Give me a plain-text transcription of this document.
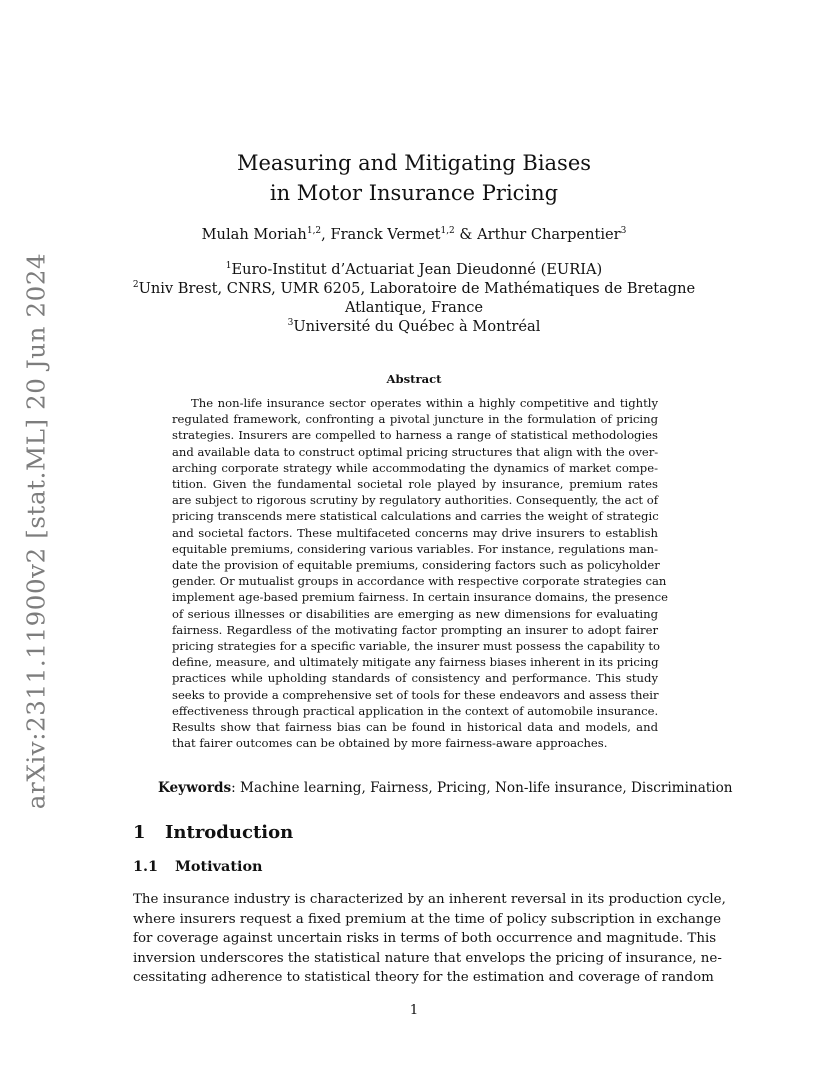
arXiv:2311.11900v2 [stat.ML] 20 Jun 2024
Measuring and Mitigating Biases
in Motor Insurance Pricing
Mulah Moriah$^{1,2}$, Franck Vermet$^{1,2}$ & Arthur Charpentier$^3$
$^1$Euro-Institut d’Actuariat Jean Dieudonné (EURIA)
$^2$Univ Brest, CNRS, UMR 6205, Laboratoire de Mathématiques de Bretagne
Atlantique, France
$^3$Université du Québec à Montréal
Abstract
The non-life insurance sector operates within a highly competitive and tightly
regulated framework, confronting a pivotal juncture in the formulation of pricing
strategies. Insurers are compelled to harness a range of statistical methodologies
and available data to construct optimal pricing structures that align with the over-
arching corporate strategy while accommodating the dynamics of market compe-
tition. Given the fundamental societal role played by insurance, premium rates
are subject to rigorous scrutiny by regulatory authorities. Consequently, the act of
pricing transcends mere statistical calculations and carries the weight of strategic
and societal factors. These multifaceted concerns may drive insurers to establish
equitable premiums, considering various variables. For instance, regulations man-
date the provision of equitable premiums, considering factors such as policyholder
gender. Or mutualist groups in accordance with respective corporate strategies can
implement age-based premium fairness. In certain insurance domains, the presence
of serious illnesses or disabilities are emerging as new dimensions for evaluating
fairness. Regardless of the motivating factor prompting an insurer to adopt fairer
pricing strategies for a specific variable, the insurer must possess the capability to
define, measure, and ultimately mitigate any fairness biases inherent in its pricing
practices while upholding standards of consistency and performance. This study
seeks to provide a comprehensive set of tools for these endeavors and assess their
effectiveness through practical application in the context of automobile insurance.
Results show that fairness bias can be found in historical data and models, and
that fairer outcomes can be obtained by more fairness-aware approaches.
Keywords: Machine learning, Fairness, Pricing, Non-life insurance, Discrimination
1 Introduction
1.1 Motivation
The insurance industry is characterized by an inherent reversal in its production cycle,
where insurers request a fixed premium at the time of policy subscription in exchange
for coverage against uncertain risks in terms of both occurrence and magnitude. This
inversion underscores the statistical nature that envelops the pricing of insurance, ne-
cessitating adherence to statistical theory for the estimation and coverage of random
1
